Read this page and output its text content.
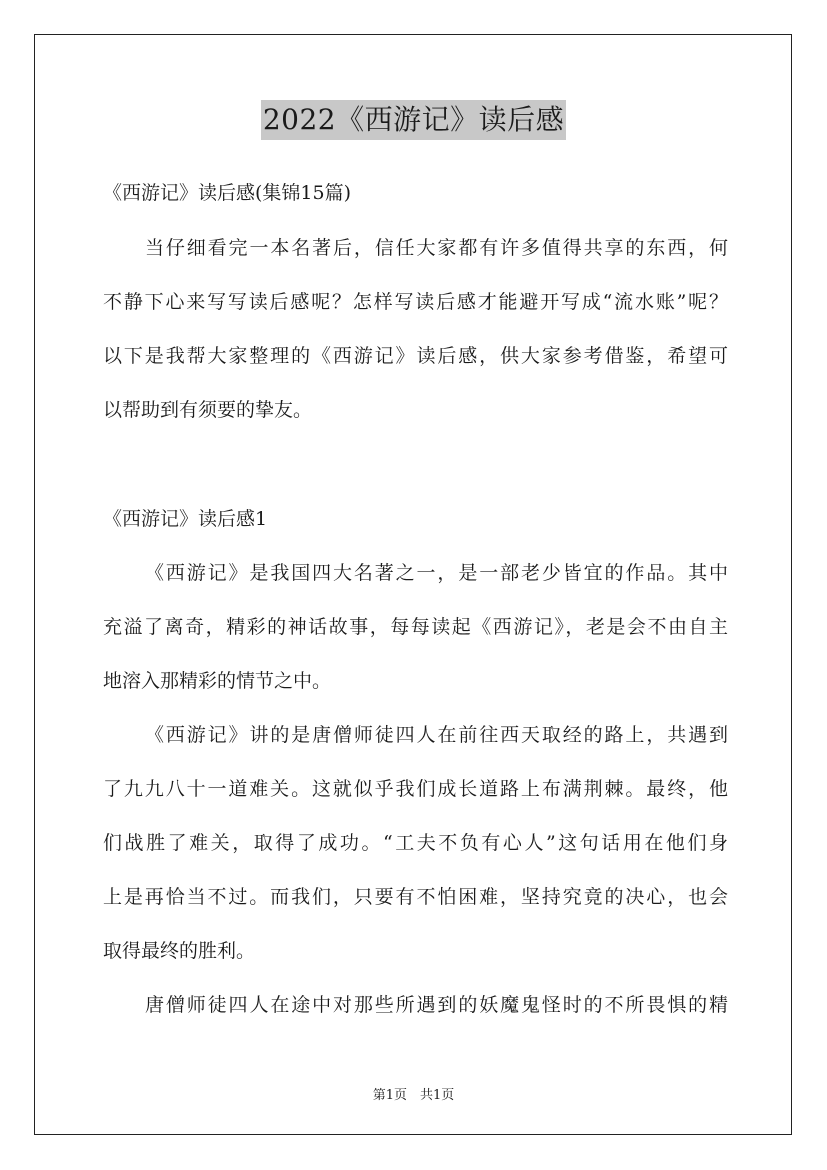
2022《西游记》读后感
《西游记》读后感(集锦15篇)
当仔细看完一本名著后，信任大家都有许多值得共享的东西，何
不静下心来写写读后感呢？怎样写读后感才能避开写成“流水账”呢？
以下是我帮大家整理的《西游记》读后感，供大家参考借鉴，希望可
以帮助到有须要的挚友。
《西游记》读后感1
《西游记》是我国四大名著之一，是一部老少皆宜的作品。其中
充溢了离奇，精彩的神话故事，每每读起《西游记》，老是会不由自主
地溶入那精彩的情节之中。
《西游记》讲的是唐僧师徒四人在前往西天取经的路上，共遇到
了九九八十一道难关。这就似乎我们成长道路上布满荆棘。最终，他
们战胜了难关，取得了成功。“工夫不负有心人”这句话用在他们身
上是再恰当不过。而我们，只要有不怕困难，坚持究竟的决心，也会
取得最终的胜利。
唐僧师徒四人在途中对那些所遇到的妖魔鬼怪时的不所畏惧的精
第1页　共1页
